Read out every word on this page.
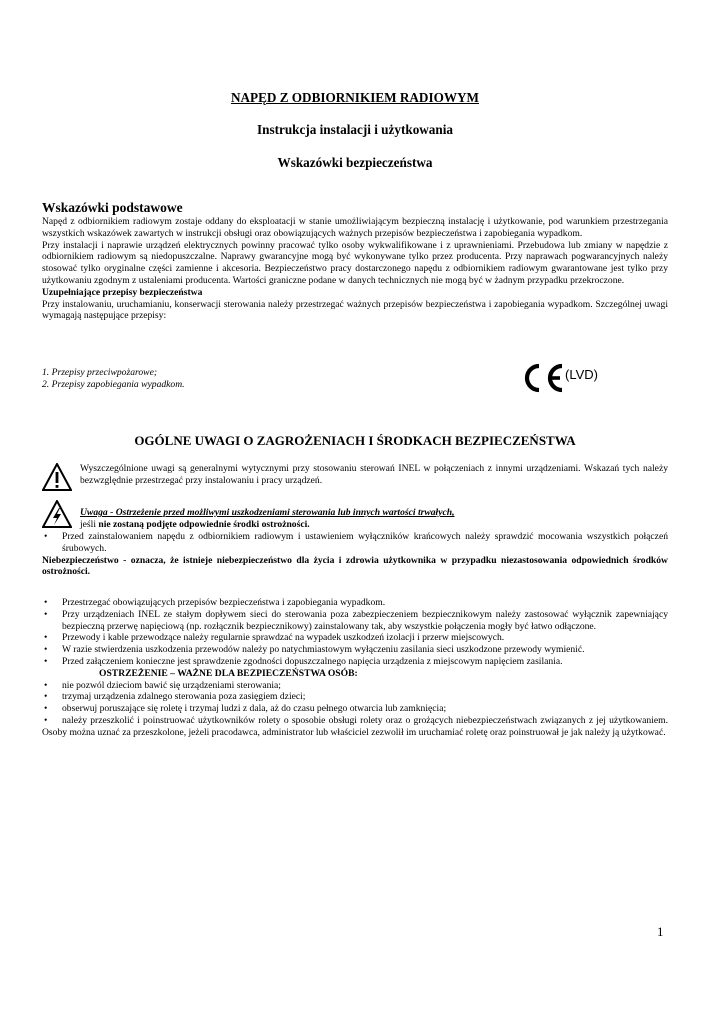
NAPĘD Z ODBIORNIKIEM RADIOWYM
Instrukcja instalacji i użytkowania
Wskazówki bezpieczeństwa
Wskazówki podstawowe

Napęd z odbiornikiem radiowym zostaje oddany do eksploatacji w stanie umożliwiającym bezpieczną instalację i użytkowanie, pod warunkiem przestrzegania wszystkich wskazówek zawartych w instrukcji obsługi oraz obowiązujących ważnych przepisów bezpieczeństwa i zapobiegania wypadkom.

Przy instalacji i naprawie urządzeń elektrycznych powinny pracować tylko osoby wykwalifikowane i z uprawnieniami. Przebudowa lub zmiany w napędzie z odbiornikiem radiowym są niedopuszczalne. Naprawy gwarancyjne mogą być wykonywane tylko przez producenta. Przy naprawach pogwarancyjnych należy stosować tylko oryginalne części zamienne i akcesoria. Bezpieczeństwo pracy dostarczonego napędu z odbiornikiem radiowym gwarantowane jest tylko przy użytkowaniu zgodnym z ustaleniami producenta. Wartości graniczne podane w danych technicznych nie mogą być w żadnym przypadku przekroczone.

Uzupełniające przepisy bezpieczeństwa

Przy instalowaniu, uruchamianiu, konserwacji sterowania należy przestrzegać ważnych przepisów bezpieczeństwa i zapobiegania wypadkom. Szczególnej uwagi wymagają następujące przepisy:

1. Przepisy przeciwpożarowe;

2. Przepisy zapobiegania wypadkom.

(LVD)
OGÓLNE UWAGI O ZAGROŻENIACH I ŚRODKACH BEZPIECZEŃSTWA
Wyszczególnione uwagi są generalnymi wytycznymi przy stosowaniu sterowań INEL w połączeniach z innymi urządzeniami. Wskazań tych należy bezwzględnie przestrzegać przy instalowaniu i pracy urządzeń.

Uwaga - Ostrzeżenie przed możliwymi uszkodzeniami sterowania lub innych wartości trwałych,

jeśli nie zostaną podjęte odpowiednie środki ostrożności.

• Przed zainstalowaniem napędu z odbiornikiem radiowym i ustawieniem wyłączników krańcowych należy sprawdzić mocowania wszystkich połączeń śrubowych.

Niebezpieczeństwo - oznacza, że istnieje niebezpieczeństwo dla życia i zdrowia użytkownika w przypadku niezastosowania odpowiednich środków ostrożności.

• Przestrzegać obowiązujących przepisów bezpieczeństwa i zapobiegania wypadkom.
• Przy urządzeniach INEL ze stałym dopływem sieci do sterowania poza zabezpieczeniem bezpiecznikowym należy zastosować wyłącznik zapewniający bezpieczną przerwę napięciową (np. rozłącznik bezpiecznikowy) zainstalowany tak, aby wszystkie połączenia mogły być łatwo odłączone.
• Przewody i kable przewodzące należy regularnie sprawdzać na wypadek uszkodzeń izolacji i przerw miejscowych.
• W razie stwierdzenia uszkodzenia przewodów należy po natychmiastowym wyłączeniu zasilania sieci uszkodzone przewody wymienić.
• Przed załączeniem konieczne jest sprawdzenie zgodności dopuszczalnego napięcia urządzenia z miejscowym napięciem zasilania.

OSTRZEŻENIE – WAŻNE DLA BEZPIECZEŃSTWA OSÓB:

• nie pozwól dzieciom bawić się urządzeniami sterowania;
• trzymaj urządzenia zdalnego sterowania poza zasięgiem dzieci;
• obserwuj poruszające się roletę i trzymaj ludzi z dala, aż do czasu pełnego otwarcia lub zamknięcia;

• należy przeszkolić i poinstruować użytkowników rolety o sposobie obsługi rolety oraz o grożących niebezpieczeństwach związanych z jej użytkowaniem. Osoby można uznać za przeszkolone, jeżeli pracodawca, administrator lub właściciel zezwolił im uruchamiać roletę oraz poinstruował je jak należy ją użytkować.

1
